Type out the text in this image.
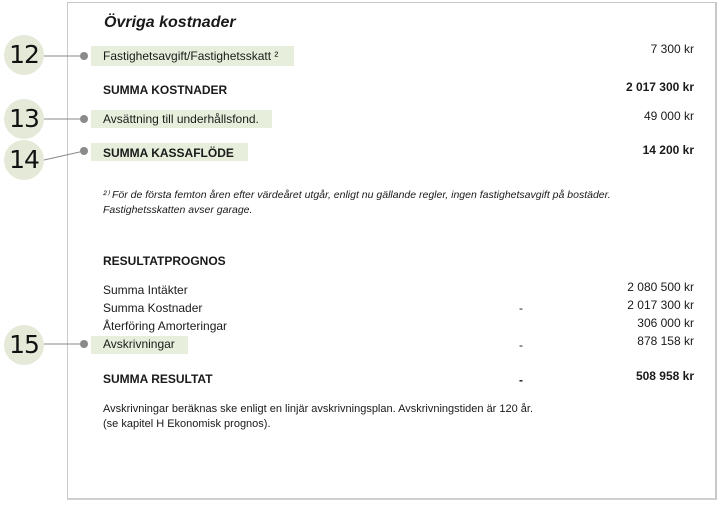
12
13
14
15
Övriga kostnader
Fastighetsavgift/Fastighetsskatt ²	7 300 kr
SUMMA KOSTNADER	2 017 300 kr
Avsättning till underhållsfond.	49 000 kr
SUMMA KASSAFLÖDE	14 200 kr
²⁾ För de första femton åren efter värdeåret utgår, enligt nu gällande regler, ingen fastighetsavgift på bostäder. Fastighetsskatten avser garage.
RESULTATPROGNOS
Summa Intäkter	2 080 500 kr
Summa Kostnader	-	2 017 300 kr
Återföring Amorteringar	306 000 kr
Avskrivningar	-	878 158 kr
SUMMA RESULTAT	-	508 958 kr
Avskrivningar beräknas ske enligt en linjär avskrivningsplan. Avskrivningstiden är 120 år.
(se kapitel H Ekonomisk prognos).
